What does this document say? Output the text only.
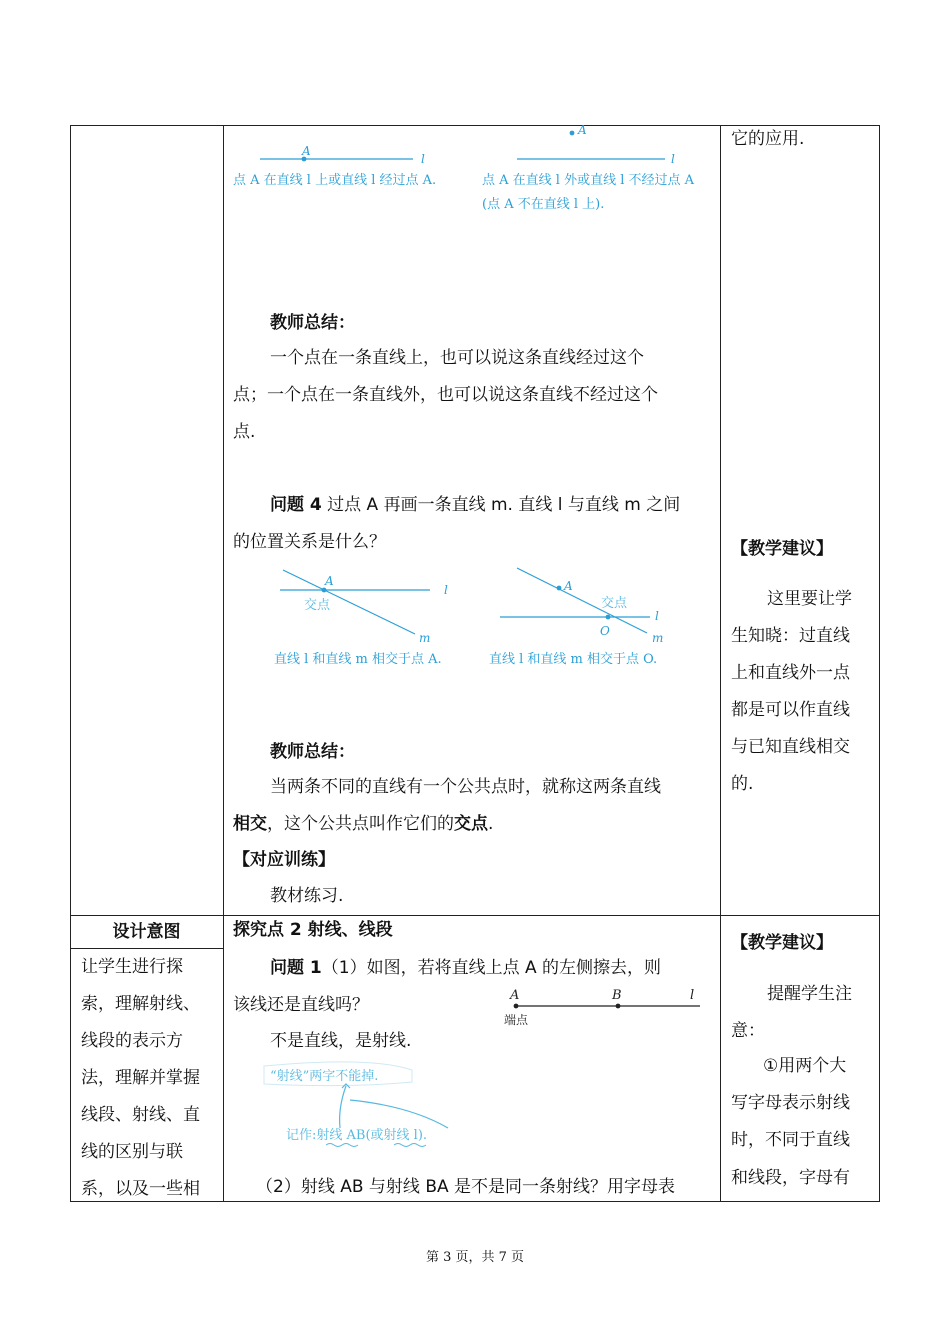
A
l
点 A 在直线 l 上或直线 l 经过点 A.
A
l
点 A 在直线 l 外或直线 l 不经过点 A
(点 A 不在直线 l 上).
教师总结：
一个点在一条直线上，也可以说这条直线经过这个
点；一个点在一条直线外，也可以说这条直线不经过这个
点.
问题 4 过点 A 再画一条直线 m. 直线 l 与直线 m 之间
的位置关系是什么？
A
l
m
交点
直线 l 和直线 m 相交于点 A.
A
O
l
m
交点
直线 l 和直线 m 相交于点 O.
教师总结：
当两条不同的直线有一个公共点时，就称这两条直线
相交，这个公共点叫作它们的交点.
【对应训练】
教材练习.
它的应用.
【教学建议】
这里要让学
生知晓：过直线
上和直线外一点
都是可以作直线
与已知直线相交
的.
设计意图
让学生进行探
索，理解射线、
线段的表示方
法，理解并掌握
线段、射线、直
线的区别与联
系，以及一些相
探究点 2 射线、线段
问题 1（1）如图，若将直线上点 A 的左侧擦去，则
该线还是直线吗？
不是直线，是射线.
A	B	l
端点
“射线”两字不能掉.
记作:射线 AB(或射线 l).
（2）射线 AB 与射线 BA 是不是同一条射线？用字母表
【教学建议】
提醒学生注
意：
①用两个大
写字母表示射线
时，不同于直线
和线段，字母有
第 3 页，共 7 页
